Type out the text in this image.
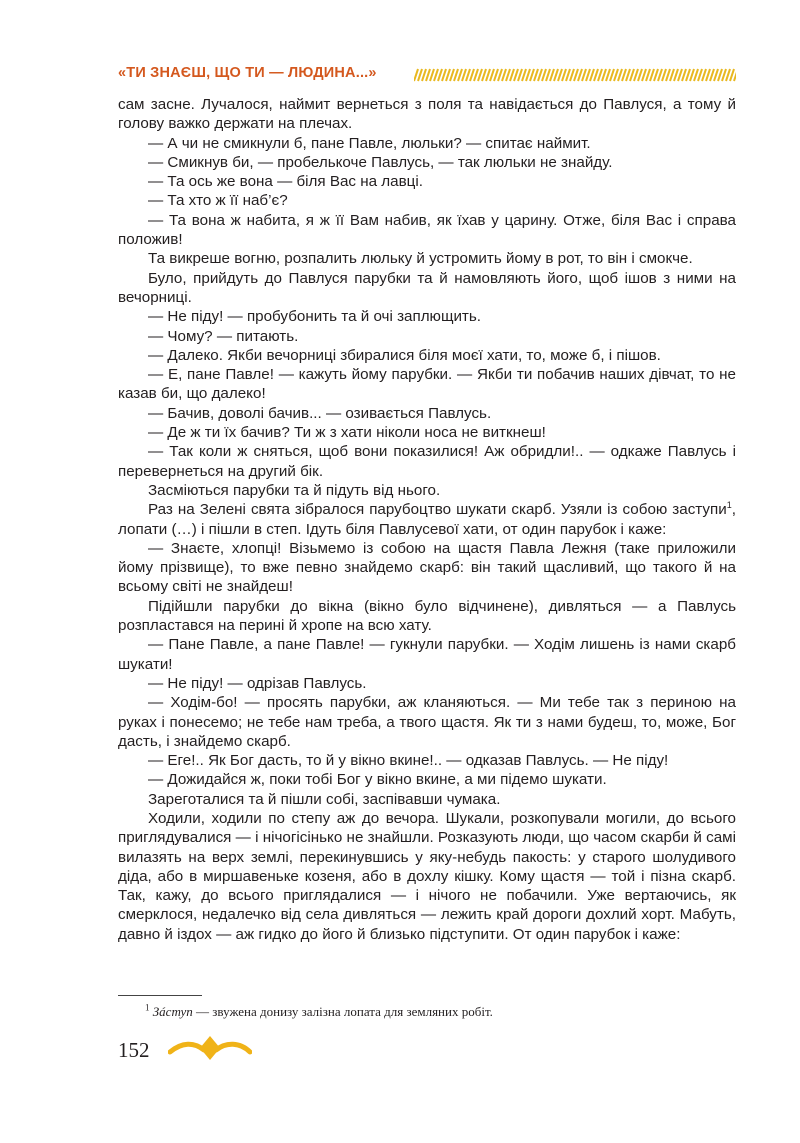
«ТИ ЗНАЄШ, ЩО ТИ — ЛЮДИНА...»

сам засне. Лучалося, наймит вернеться з поля та навідається до Павлуся, а тому й голову важко держати на плечах.

— А чи не смикнули б, пане Павле, люльки? — спитає наймит.

— Смикнув би, — пробелькоче Павлусь, — так люльки не знайду.

— Та ось же вона — біля Вас на лавці.

— Та хто ж її наб’є?

— Та вона ж набита, я ж її Вам набив, як їхав у царину. Отже, біля Вас і справа положив!

Та викреше вогню, розпалить люльку й устромить йому в рот, то він і смокче.

Було, прийдуть до Павлуся парубки та й намовляють його, щоб ішов з ними на вечорниці.

— Не піду! — пробубонить та й очі заплющить.

— Чому? — питають.

— Далеко. Якби вечорниці збиралися біля моєї хати, то, може б, і пішов.

— Е, пане Павле! — кажуть йому парубки. — Якби ти побачив наших дівчат, то не казав би, що далеко!

— Бачив, доволі бачив... — озивається Павлусь.

— Де ж ти їх бачив? Ти ж з хати ніколи носа не виткнеш!

— Так коли ж сняться, щоб вони показилися! Аж обридли!.. — одкаже Павлусь і перевернеться на другий бік.

Засміються парубки та й підуть від нього.

Раз на Зелені свята зібралося парубоцтво шукати скарб. Узяли із собою заступи$^1$, лопати (…) і пішли в степ. Ідуть біля Павлусевої хати, от один парубок і каже:

— Знаєте, хлопці! Візьмемо із собою на щастя Павла Лежня (таке приложили йому прізвище), то вже певно знайдемо скарб: він такий щасливий, що такого й на всьому світі не знайдеш!

Підійшли парубки до вікна (вікно було відчинене), дивляться — а Павлусь розпластався на перині й хропе на всю хату.

— Пане Павле, а пане Павле! — гукнули парубки. — Ходім лишень із нами скарб шукати!

— Не піду! — одрізав Павлусь.

— Ходім-бо! — просять парубки, аж кланяються. — Ми тебе так з периною на руках і понесемо; не тебе нам треба, а твого щастя. Як ти з нами будеш, то, може, Бог дасть, і знайдемо скарб.

— Еге!.. Як Бог дасть, то й у вікно вкине!.. — одказав Павлусь. — Не піду!

— Дожидайся ж, поки тобі Бог у вікно вкине, а ми підемо шукати.

Зареготалися та й пішли собі, заспівавши чумака.

Ходили, ходили по степу аж до вечора. Шукали, розкопували могили, до всього приглядувалися — і нічогісінько не знайшли. Розказують люди, що часом скарби й самі вилазять на верх землі, перекинувшись у яку-небудь пакость: у старого шолудивого діда, або в миршавенькe козеня, або в дохлу кішку. Кому щастя — той і пізна скарб. Так, кажу, до всього приглядалися — і нічого не побачили. Уже вертаючись, як смерклося, недалечко від села дивляться — лежить край дороги дохлий хорт. Мабуть, давно й іздох — аж гидко до його й близько підступити. От один парубок і каже:

$^1$ Зáступ — звужена донизу залізна лопата для земляних робіт.
152
